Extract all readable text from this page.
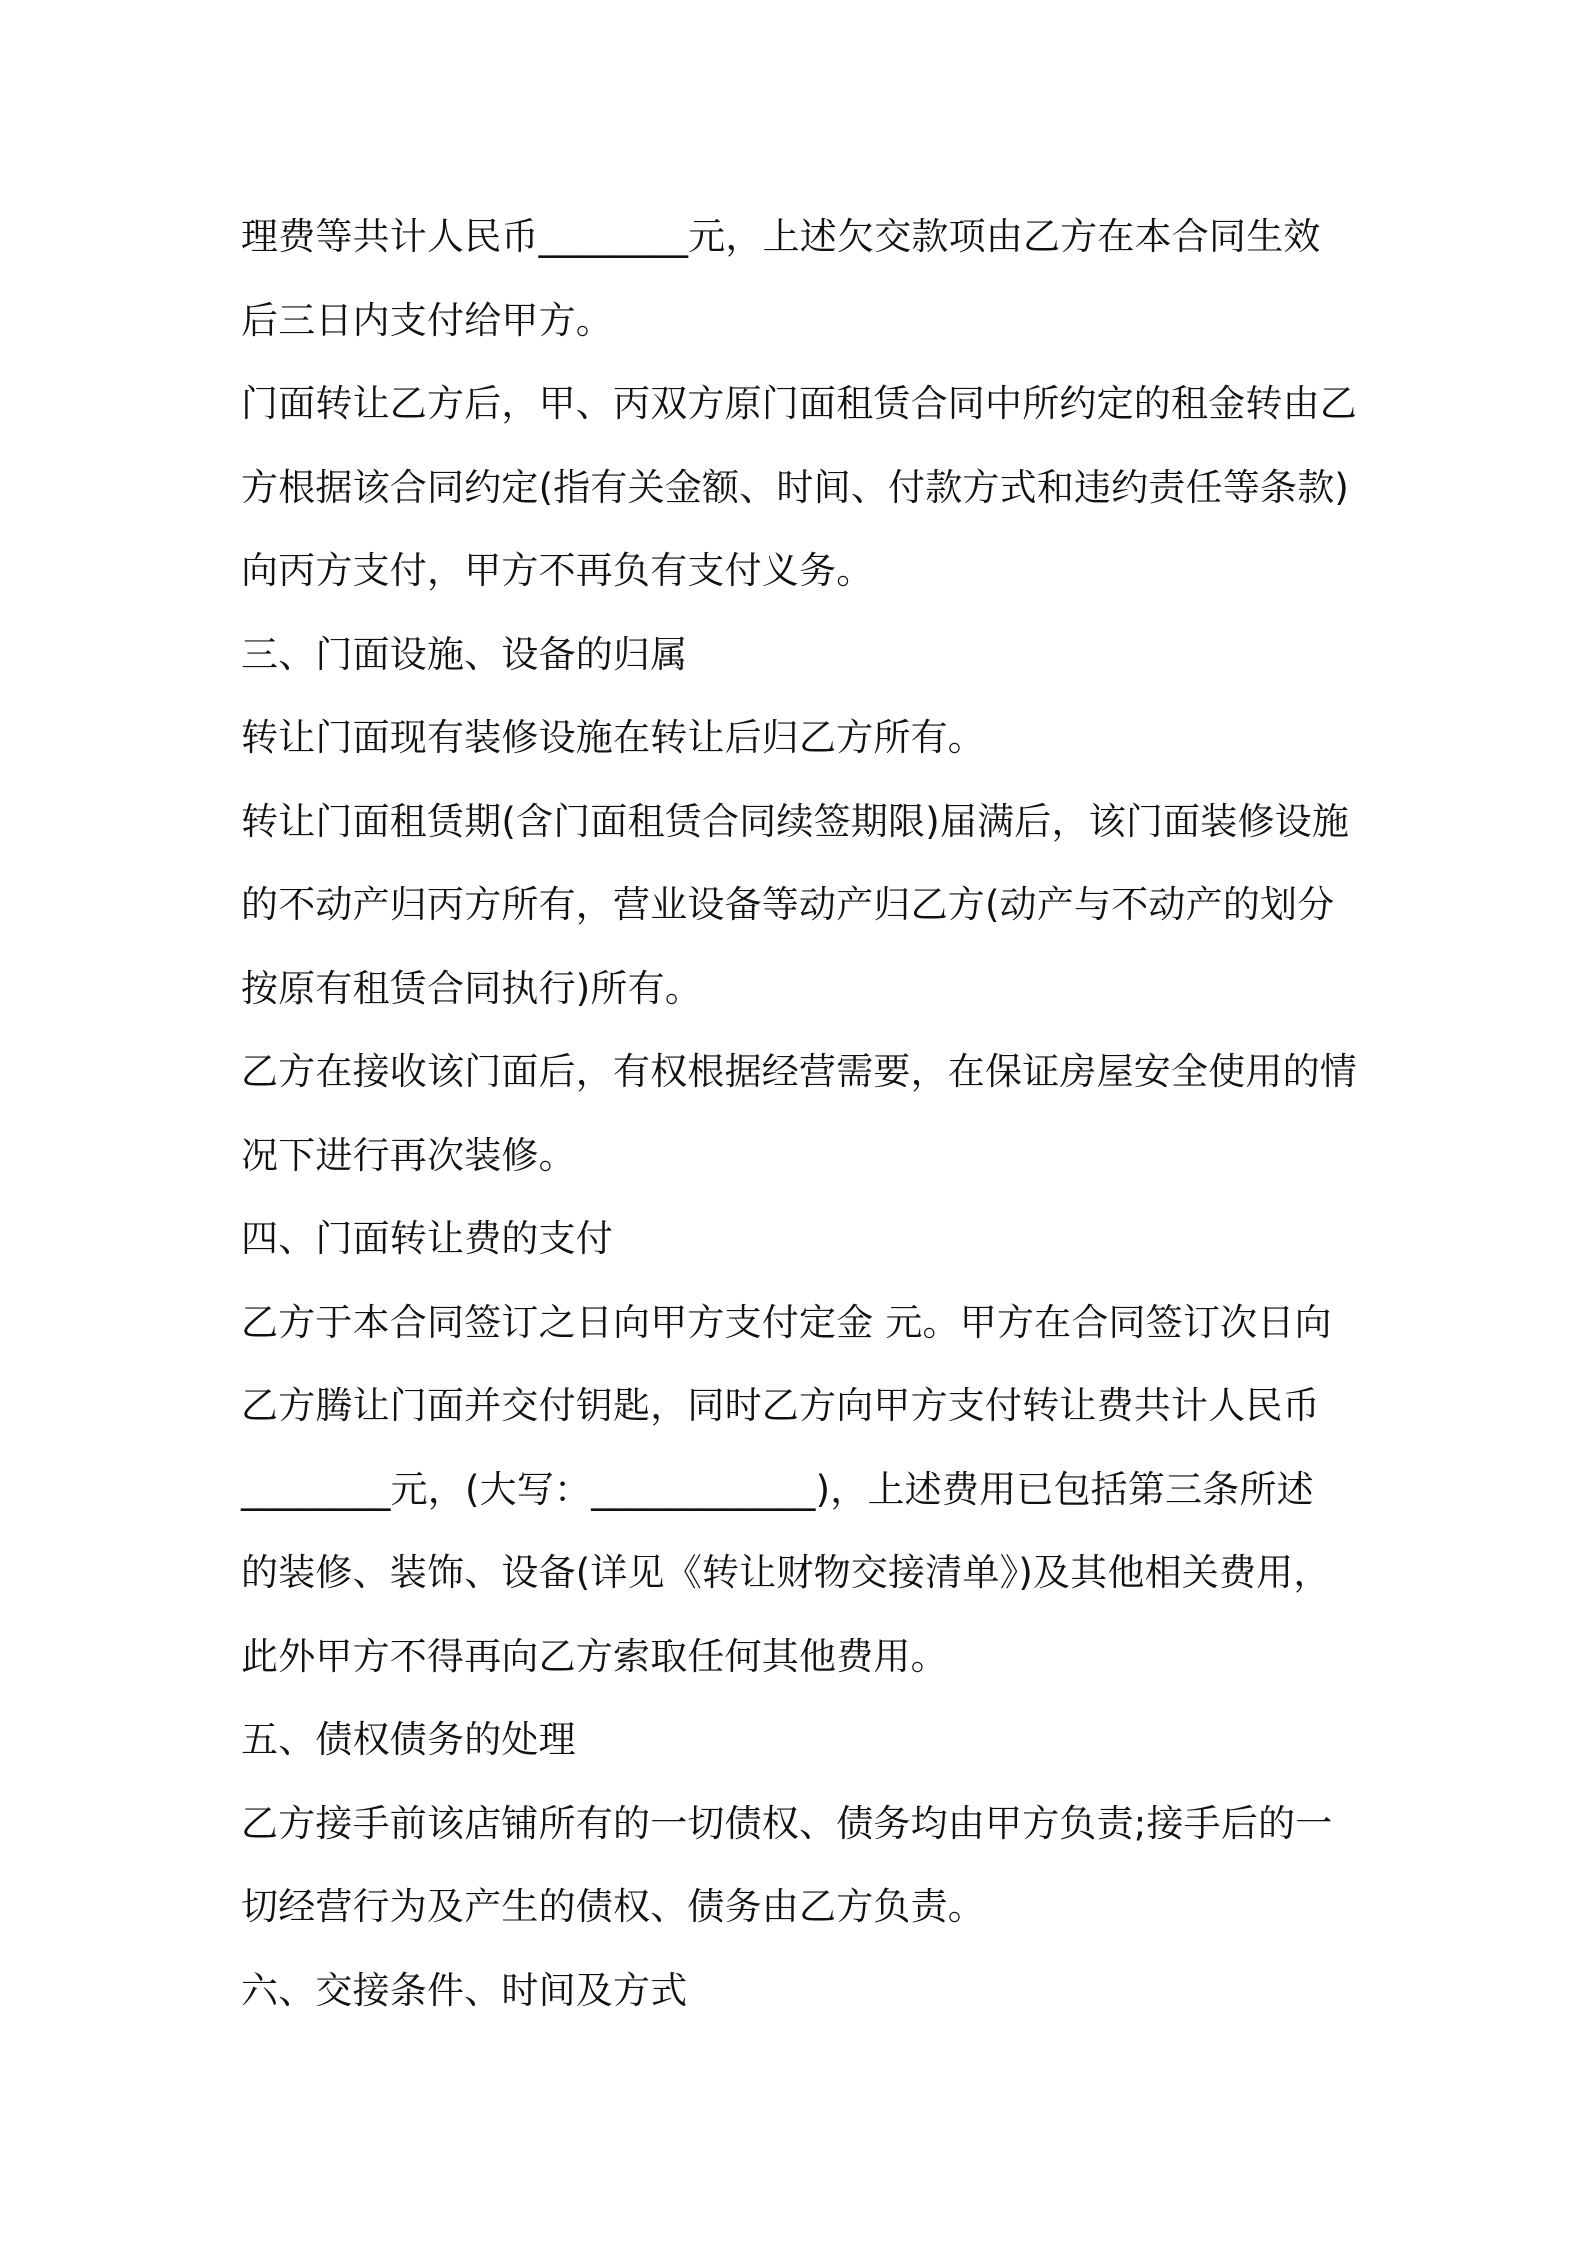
理费等共计人民币________元，上述欠交款项由乙方在本合同生效

后三日内支付给甲方。

门面转让乙方后，甲、丙双方原门面租赁合同中所约定的租金转由乙

方根据该合同约定(指有关金额、时间、付款方式和违约责任等条款)

向丙方支付，甲方不再负有支付义务。

三、门面设施、设备的归属

转让门面现有装修设施在转让后归乙方所有。

转让门面租赁期(含门面租赁合同续签期限)届满后，该门面装修设施

的不动产归丙方所有，营业设备等动产归乙方(动产与不动产的划分

按原有租赁合同执行)所有。

乙方在接收该门面后，有权根据经营需要，在保证房屋安全使用的情

况下进行再次装修。

四、门面转让费的支付

乙方于本合同签订之日向甲方支付定金 元。甲方在合同签订次日向

乙方腾让门面并交付钥匙，同时乙方向甲方支付转让费共计人民币

________元，(大写：____________)，上述费用已包括第三条所述

的装修、装饰、设备(详见《转让财物交接清单》)及其他相关费用，

此外甲方不得再向乙方索取任何其他费用。

五、债权债务的处理

乙方接手前该店铺所有的一切债权、债务均由甲方负责;接手后的一

切经营行为及产生的债权、债务由乙方负责。

六、交接条件、时间及方式
